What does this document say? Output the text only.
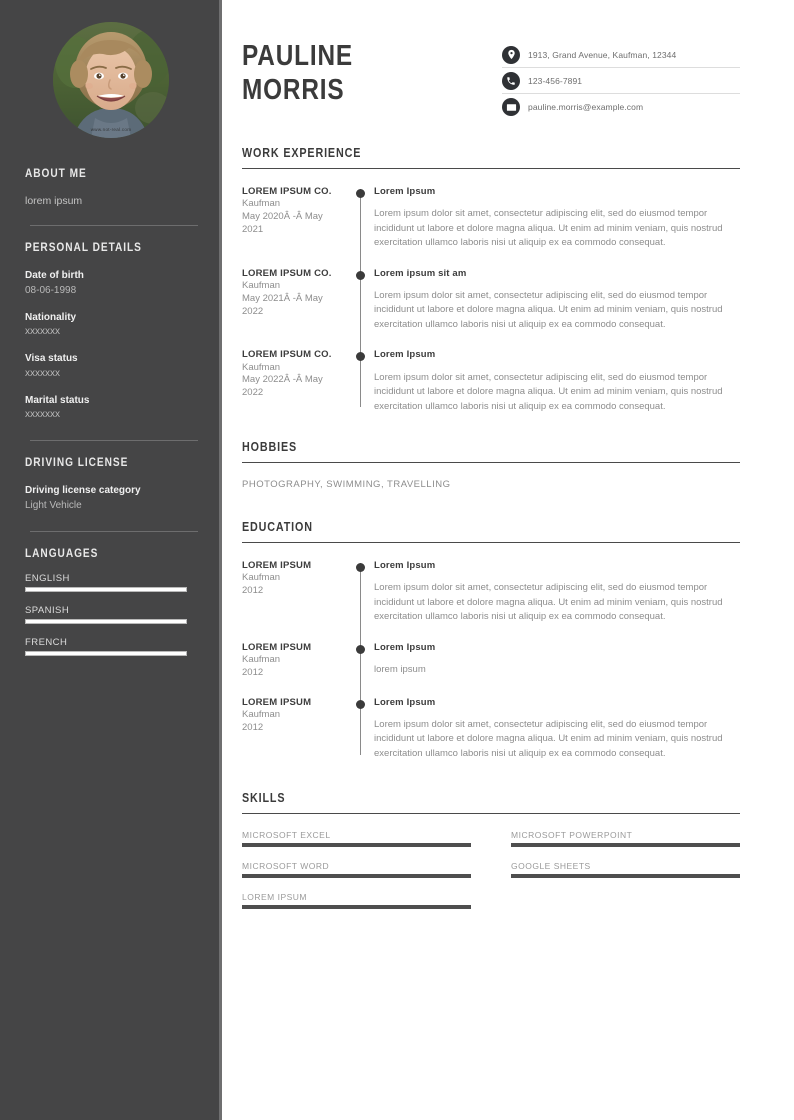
www.not-real.com
ABOUT ME
lorem ipsum
PERSONAL DETAILS
Date of birth
08-06-1998
Nationality
xxxxxxx
Visa status
xxxxxxx
Marital status
xxxxxxx
DRIVING LICENSE
Driving license category
Light Vehicle
LANGUAGES
ENGLISH
SPANISH
FRENCH
PAULINE
MORRIS
1913, Grand Avenue, Kaufman, 12344
123-456-7891
pauline.morris@example.com
WORK EXPERIENCE
LOREM IPSUM CO.
Kaufman
May 2020Â -Â May 2021
Lorem Ipsum
Lorem ipsum dolor sit amet, consectetur adipiscing elit, sed do eiusmod tempor incididunt ut labore et dolore magna aliqua. Ut enim ad minim veniam, quis nostrud exercitation ullamco laboris nisi ut aliquip ex ea commodo consequat.
LOREM IPSUM CO.
Kaufman
May 2021Â -Â May 2022
Lorem ipsum sit am
Lorem ipsum dolor sit amet, consectetur adipiscing elit, sed do eiusmod tempor incididunt ut labore et dolore magna aliqua. Ut enim ad minim veniam, quis nostrud exercitation ullamco laboris nisi ut aliquip ex ea commodo consequat.
LOREM IPSUM CO.
Kaufman
May 2022Â -Â May 2022
Lorem Ipsum
Lorem ipsum dolor sit amet, consectetur adipiscing elit, sed do eiusmod tempor incididunt ut labore et dolore magna aliqua. Ut enim ad minim veniam, quis nostrud exercitation ullamco laboris nisi ut aliquip ex ea commodo consequat.
HOBBIES
PHOTOGRAPHY, SWIMMING, TRAVELLING
EDUCATION
LOREM IPSUM
Kaufman
2012
Lorem Ipsum
Lorem ipsum dolor sit amet, consectetur adipiscing elit, sed do eiusmod tempor incididunt ut labore et dolore magna aliqua. Ut enim ad minim veniam, quis nostrud exercitation ullamco laboris nisi ut aliquip ex ea commodo consequat.
LOREM IPSUM
Kaufman
2012
Lorem Ipsum
lorem ipsum
LOREM IPSUM
Kaufman
2012
Lorem Ipsum
Lorem ipsum dolor sit amet, consectetur adipiscing elit, sed do eiusmod tempor incididunt ut labore et dolore magna aliqua. Ut enim ad minim veniam, quis nostrud exercitation ullamco laboris nisi ut aliquip ex ea commodo consequat.
SKILLS
MICROSOFT EXCEL	MICROSOFT POWERPOINT
MICROSOFT WORD	GOOGLE SHEETS
LOREM IPSUM
